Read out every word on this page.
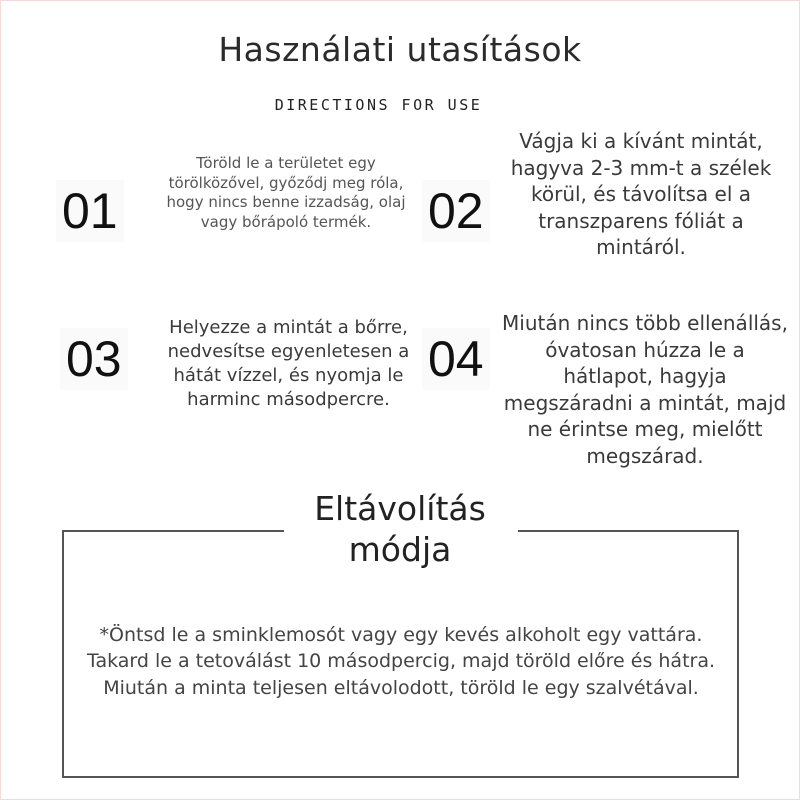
Használati utasítások
DIRECTIONS FOR USE
01
Töröld le a területet egy törölközővel, győződj meg róla, hogy nincs benne izzadság, olaj vagy bőrápoló termék.	02
Vágja ki a kívánt mintát, hagyva 2-3 mm-t a szélek körül, és távolítsa el a transzparens fóliát a mintáról.
03
Helyezze a mintát a bőrre, nedvesítse egyenletesen a hátát vízzel, és nyomja le harminc másodpercre.
04
Miután nincs több ellenállás, óvatosan húzza le a hátlapot, hagyja megszáradni a mintát, majd ne érintse meg, mielőtt megszárad.
Eltávolítás módja
*Öntsd le a sminklemosót vagy egy kevés alkoholt egy vattára. Takard le a tetoválást 10 másodpercig, majd töröld előre és hátra. Miután a minta teljesen eltávolodott, töröld le egy szalvétával.
